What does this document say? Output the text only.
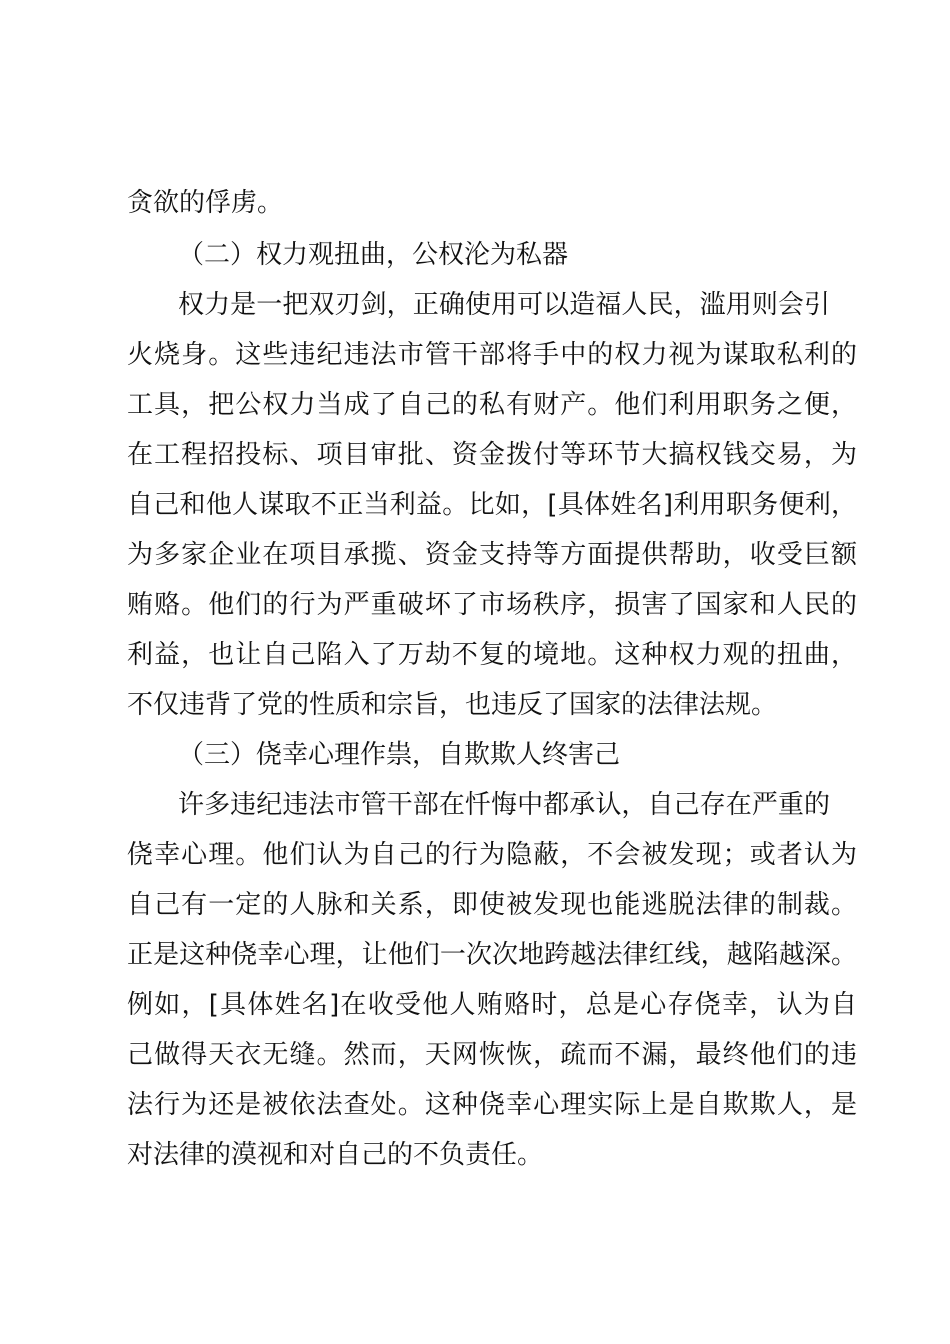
贪欲的俘虏。
（二）权力观扭曲，公权沦为私器
权力是一把双刃剑，正确使用可以造福人民，滥用则会引
火烧身。这些违纪违法市管干部将手中的权力视为谋取私利的
工具，把公权力当成了自己的私有财产。他们利用职务之便，
在工程招投标、项目审批、资金拨付等环节大搞权钱交易，为
自己和他人谋取不正当利益。比如，[具体姓名]利用职务便利，
为多家企业在项目承揽、资金支持等方面提供帮助，收受巨额
贿赂。他们的行为严重破坏了市场秩序，损害了国家和人民的
利益，也让自己陷入了万劫不复的境地。这种权力观的扭曲，
不仅违背了党的性质和宗旨，也违反了国家的法律法规。
（三）侥幸心理作祟，自欺欺人终害己
许多违纪违法市管干部在忏悔中都承认，自己存在严重的
侥幸心理。他们认为自己的行为隐蔽，不会被发现；或者认为
自己有一定的人脉和关系，即使被发现也能逃脱法律的制裁。
正是这种侥幸心理，让他们一次次地跨越法律红线，越陷越深。
例如，[具体姓名]在收受他人贿赂时，总是心存侥幸，认为自
己做得天衣无缝。然而，天网恢恢，疏而不漏，最终他们的违
法行为还是被依法查处。这种侥幸心理实际上是自欺欺人，是
对法律的漠视和对自己的不负责任。
